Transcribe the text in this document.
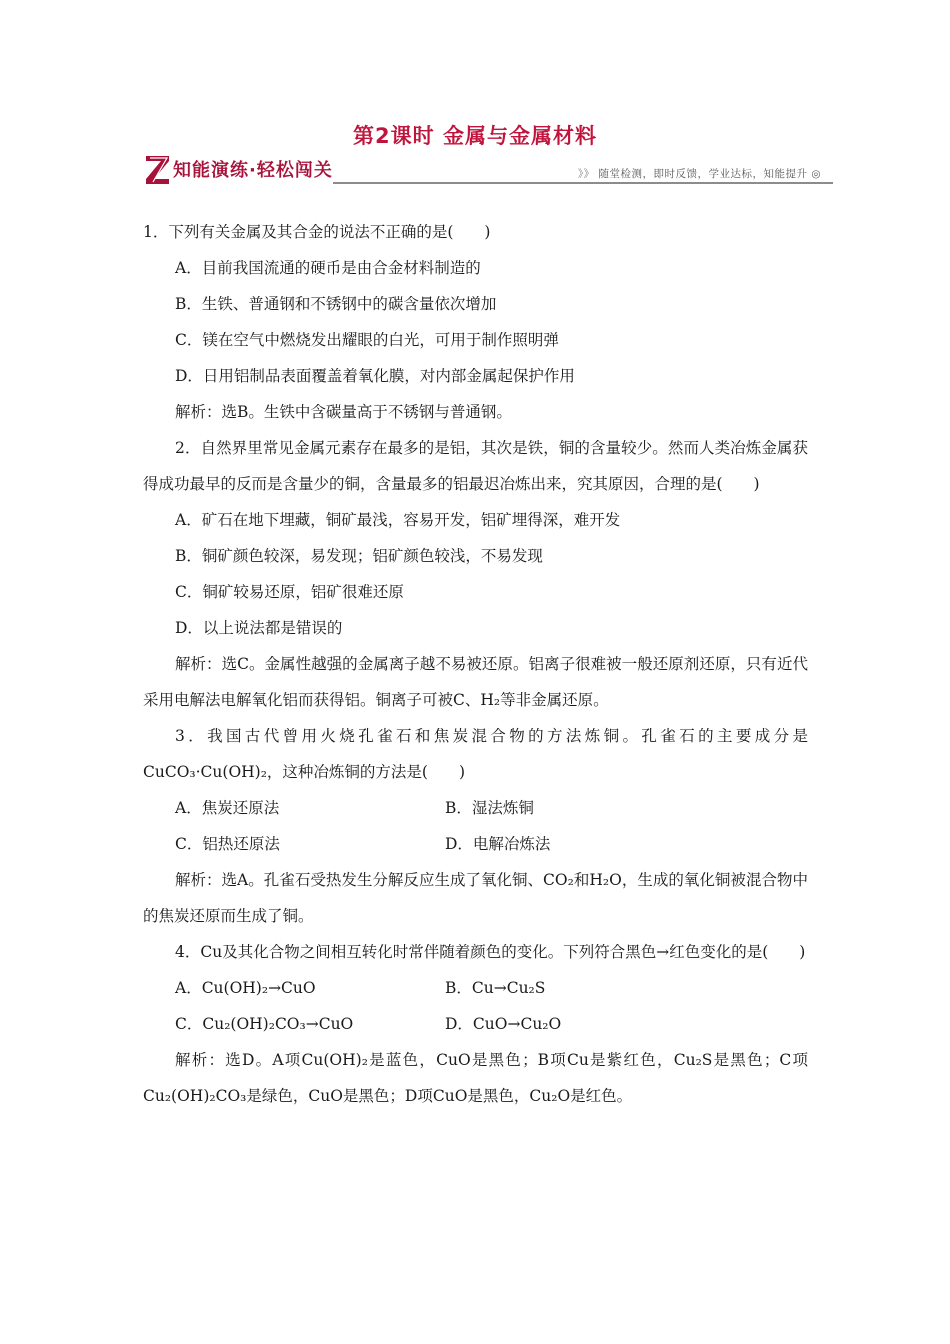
第2课时 金属与金属材料
知能演练·轻松闯关	》》 随堂检测，即时反馈，学业达标，知能提升 ◎
1．下列有关金属及其合金的说法不正确的是(　　)
A．目前我国流通的硬币是由合金材料制造的
B．生铁、普通钢和不锈钢中的碳含量依次增加
C．镁在空气中燃烧发出耀眼的白光，可用于制作照明弹
D．日用铝制品表面覆盖着氧化膜，对内部金属起保护作用
解析：选B。生铁中含碳量高于不锈钢与普通钢。
2．自然界里常见金属元素存在最多的是铝，其次是铁，铜的含量较少。然而人类冶炼金属获得成功最早的反而是含量少的铜，含量最多的铝最迟冶炼出来，究其原因，合理的是(　　)
A．矿石在地下埋藏，铜矿最浅，容易开发，铝矿埋得深，难开发
B．铜矿颜色较深，易发现；铝矿颜色较浅，不易发现
C．铜矿较易还原，铝矿很难还原
D．以上说法都是错误的
解析：选C。金属性越强的金属离子越不易被还原。铝离子很难被一般还原剂还原，只有近代采用电解法电解氧化铝而获得铝。铜离子可被C、H₂等非金属还原。
3．我国古代曾用火烧孔雀石和焦炭混合物的方法炼铜。孔雀石的主要成分是CuCO₃·Cu(OH)₂，这种冶炼铜的方法是(　　)
A．焦炭还原法	B．湿法炼铜
C．铝热还原法	D．电解冶炼法
解析：选A。孔雀石受热发生分解反应生成了氧化铜、CO₂和H₂O，生成的氧化铜被混合物中的焦炭还原而生成了铜。
4．Cu及其化合物之间相互转化时常伴随着颜色的变化。下列符合黑色→红色变化的是(　　)
A．Cu(OH)₂→CuO	B．Cu→Cu₂S
C．Cu₂(OH)₂CO₃→CuO	D．CuO→Cu₂O
解析：选D。A项Cu(OH)₂是蓝色，CuO是黑色；B项Cu是紫红色，Cu₂S是黑色；C项Cu₂(OH)₂CO₃是绿色，CuO是黑色；D项CuO是黑色，Cu₂O是红色。
